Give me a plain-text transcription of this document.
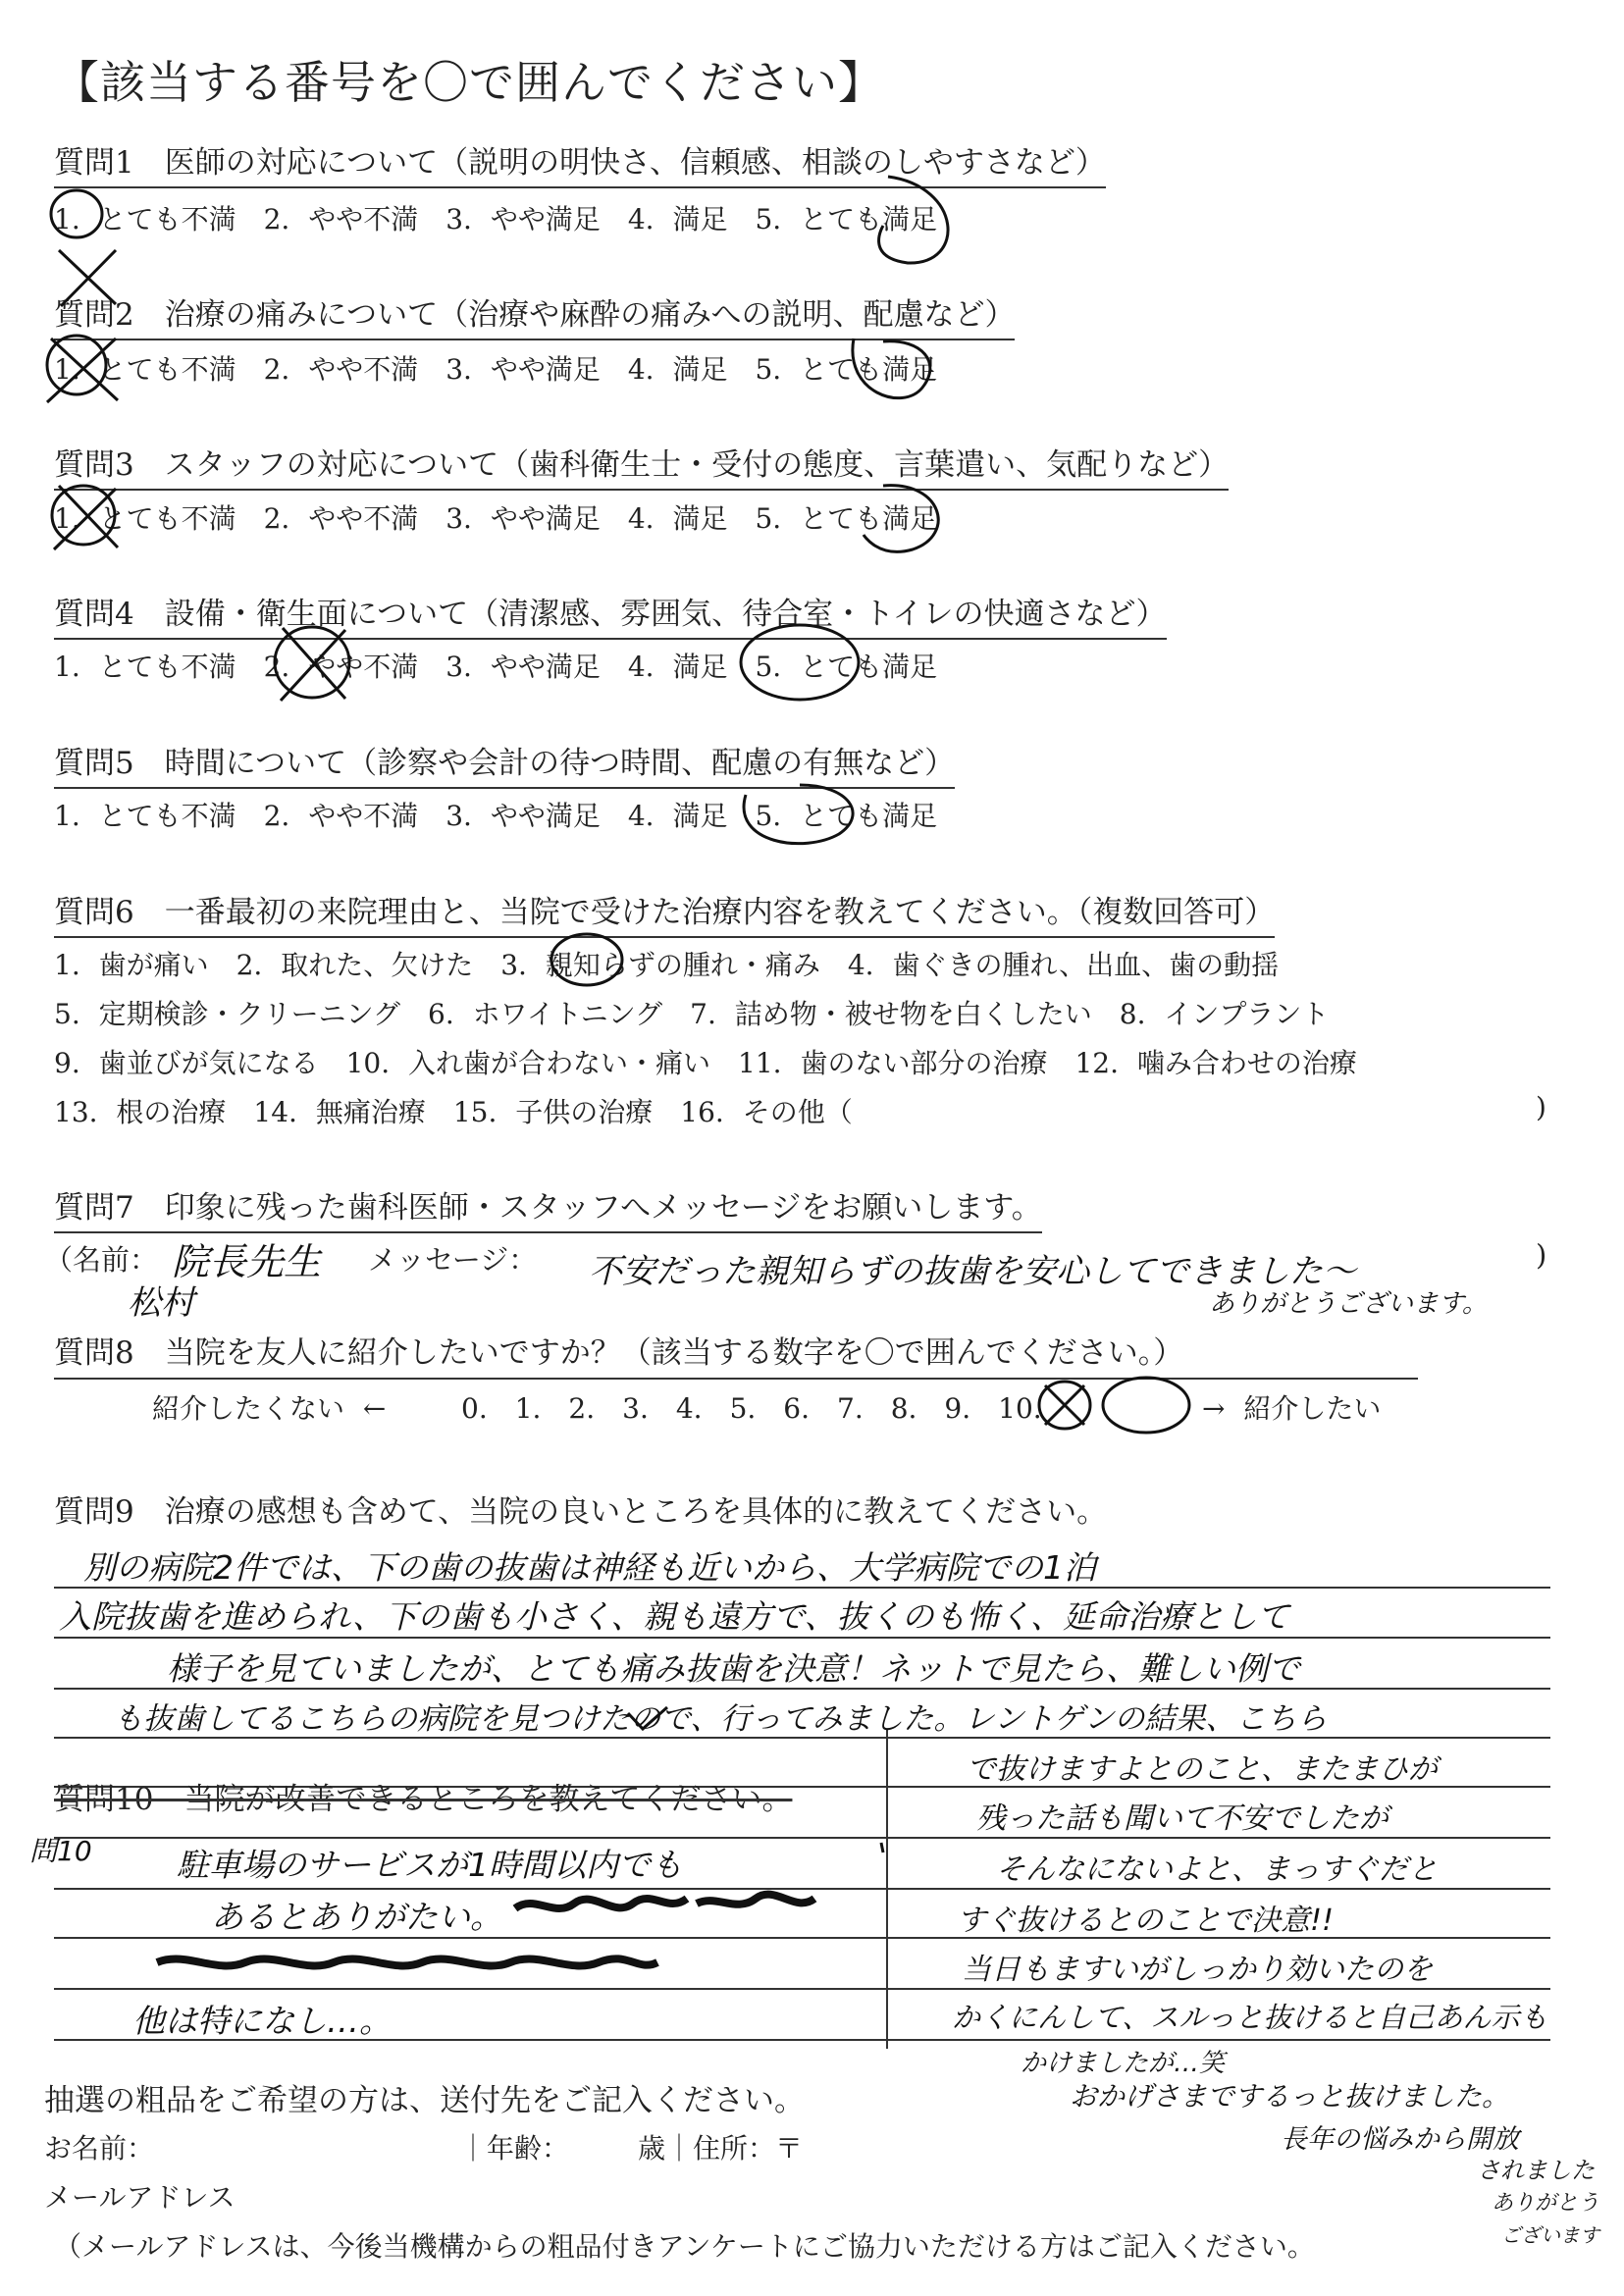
【該当する番号を〇で囲んでください】
質問1　医師の対応について（説明の明快さ、信頼感、相談のしやすさなど）
1. とても不満　2. やや不満　3. やや満足　4. 満足　5. とても満足
質問2　治療の痛みについて（治療や麻酔の痛みへの説明、配慮など）
1. とても不満　2. やや不満　3. やや満足　4. 満足　5. とても満足
質問3　スタッフの対応について（歯科衛生士・受付の態度、言葉遣い、気配りなど）
1. とても不満　2. やや不満　3. やや満足　4. 満足　5. とても満足
質問4　設備・衛生面について（清潔感、雰囲気、待合室・トイレの快適さなど）
1. とても不満　2. やや不満　3. やや満足　4. 満足　5. とても満足
質問5　時間について（診察や会計の待つ時間、配慮の有無など）
1. とても不満　2. やや不満　3. やや満足　4. 満足　5. とても満足
質問6　一番最初の来院理由と、当院で受けた治療内容を教えてください。（複数回答可）
1. 歯が痛い　2. 取れた、欠けた　3. 親知らずの腫れ・痛み　4. 歯ぐきの腫れ、出血、歯の動揺
5. 定期検診・クリーニング　6. ホワイトニング　7. 詰め物・被せ物を白くしたい　8. インプラント
9. 歯並びが気になる　10. 入れ歯が合わない・痛い　11. 歯のない部分の治療　12. 噛み合わせの治療
13. 根の治療　14. 無痛治療　15. 子供の治療　16. その他（	)
質問7　印象に残った歯科医師・スタッフへメッセージをお願いします。
（名前： 院長先生
松村
メッセージ： 不安だった親知らずの抜歯を安心してできました〜
ありがとうございます。
)
質問8　当院を友人に紹介したいですか？（該当する数字を〇で囲んでください。）
紹介したくない ←	0.　1.　2.　3.　4.　5.　6.　7.　8.　9.　10.	→ 紹介したい
質問9　治療の感想も含めて、当院の良いところを具体的に教えてください。
別の病院2件では、下の歯の抜歯は神経も近いから、大学病院での1泊
入院抜歯を進められ、下の歯も小さく、親も遠方で、抜くのも怖く、延命治療として
様子を見ていましたが、とても痛み抜歯を決意！ネットで見たら、難しい例で
も抜歯してるこちらの病院を見つけたので、行ってみました。レントゲンの結果、こちら
で抜けますよとのこと、またまひが
残った話も聞いて不安でしたが
そんなにないよと、まっすぐだと
すぐ抜けるとのことで決意!!
当日もますいがしっかり効いたのを
かくにんして、スルっと抜けると自己あん示も
かけましたが…笑
おかげさまでするっと抜けました。
長年の悩みから開放
されました
ありがとう
ございます
質問10　当院が改善できるところを教えてください。
問10	駐車場のサービスが1時間以内でも
あるとありがたい。
他は特になし…。
抽選の粗品をご希望の方は、送付先をご記入ください。
お名前：	｜年齢：　　　歳｜住所：〒
メールアドレス
（メールアドレスは、今後当機構からの粗品付きアンケートにご協力いただける方はご記入ください。
